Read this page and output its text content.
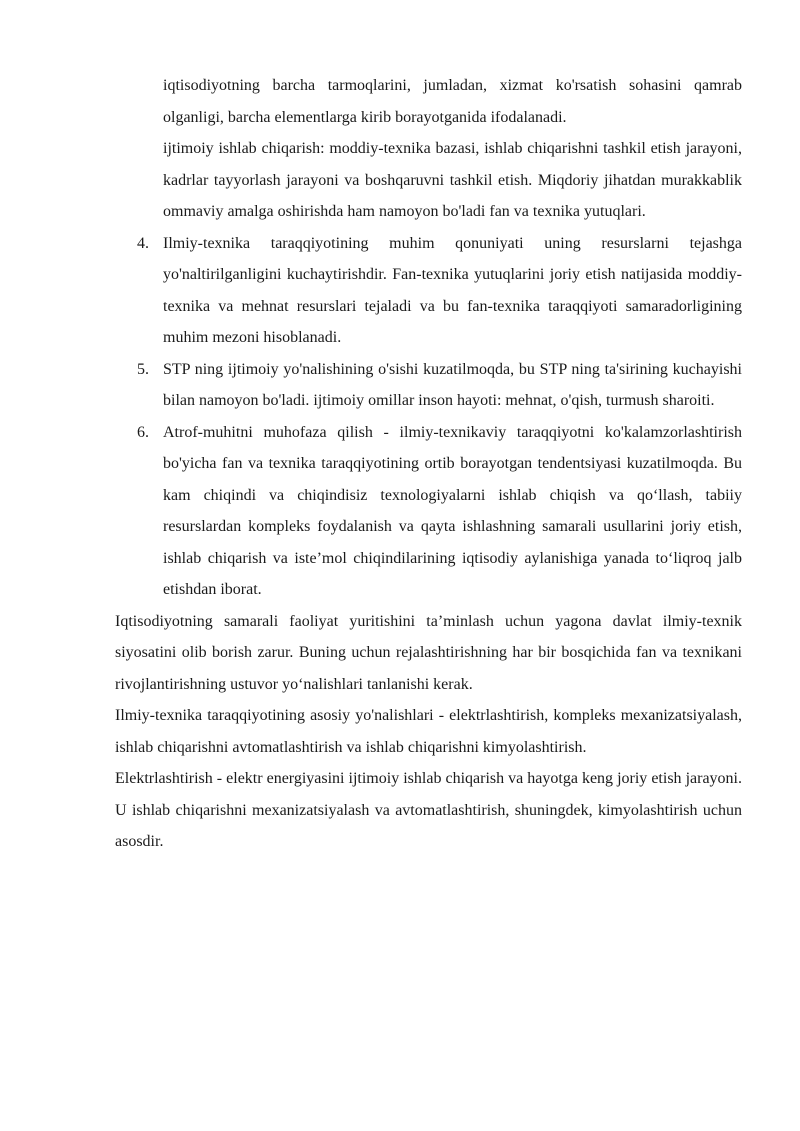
iqtisodiyotning barcha tarmoqlarini, jumladan, xizmat ko'rsatish sohasini qamrab olganligi, barcha elementlarga kirib borayotganida ifodalanadi.
ijtimoiy ishlab chiqarish: moddiy-texnika bazasi, ishlab chiqarishni tashkil etish jarayoni, kadrlar tayyorlash jarayoni va boshqaruvni tashkil etish. Miqdoriy jihatdan murakkablik ommaviy amalga oshirishda ham namoyon bo'ladi fan va texnika yutuqlari.
4. Ilmiy-texnika taraqqiyotining muhim qonuniyati uning resurslarni tejashga yo'naltirilganligini kuchaytirishdir. Fan-texnika yutuqlarini joriy etish natijasida moddiy-texnika va mehnat resurslari tejaladi va bu fan-texnika taraqqiyoti samaradorligining muhim mezoni hisoblanadi.
5. STP ning ijtimoiy yo'nalishining o'sishi kuzatilmoqda, bu STP ning ta'sirining kuchayishi bilan namoyon bo'ladi. ijtimoiy omillar inson hayoti: mehnat, o'qish, turmush sharoiti.
6. Atrof-muhitni muhofaza qilish - ilmiy-texnikaviy taraqqiyotni ko'kalamzorlashtirish bo'yicha fan va texnika taraqqiyotining ortib borayotgan tendentsiyasi kuzatilmoqda. Bu kam chiqindi va chiqindisiz texnologiyalarni ishlab chiqish va qo‘llash, tabiiy resurslardan kompleks foydalanish va qayta ishlashning samarali usullarini joriy etish, ishlab chiqarish va iste’mol chiqindilarining iqtisodiy aylanishiga yanada to‘liqroq jalb etishdan iborat.

Iqtisodiyotning samarali faoliyat yuritishini ta’minlash uchun yagona davlat ilmiy-texnik siyosatini olib borish zarur. Buning uchun rejalashtirishning har bir bosqichida fan va texnikani rivojlantirishning ustuvor yo‘nalishlari tanlanishi kerak.

Ilmiy-texnika taraqqiyotining asosiy yo'nalishlari - elektrlashtirish, kompleks mexanizatsiyalash, ishlab chiqarishni avtomatlashtirish va ishlab chiqarishni kimyolashtirish.

Elektrlashtirish - elektr energiyasini ijtimoiy ishlab chiqarish va hayotga keng joriy etish jarayoni. U ishlab chiqarishni mexanizatsiyalash va avtomatlashtirish, shuningdek, kimyolashtirish uchun asosdir.
